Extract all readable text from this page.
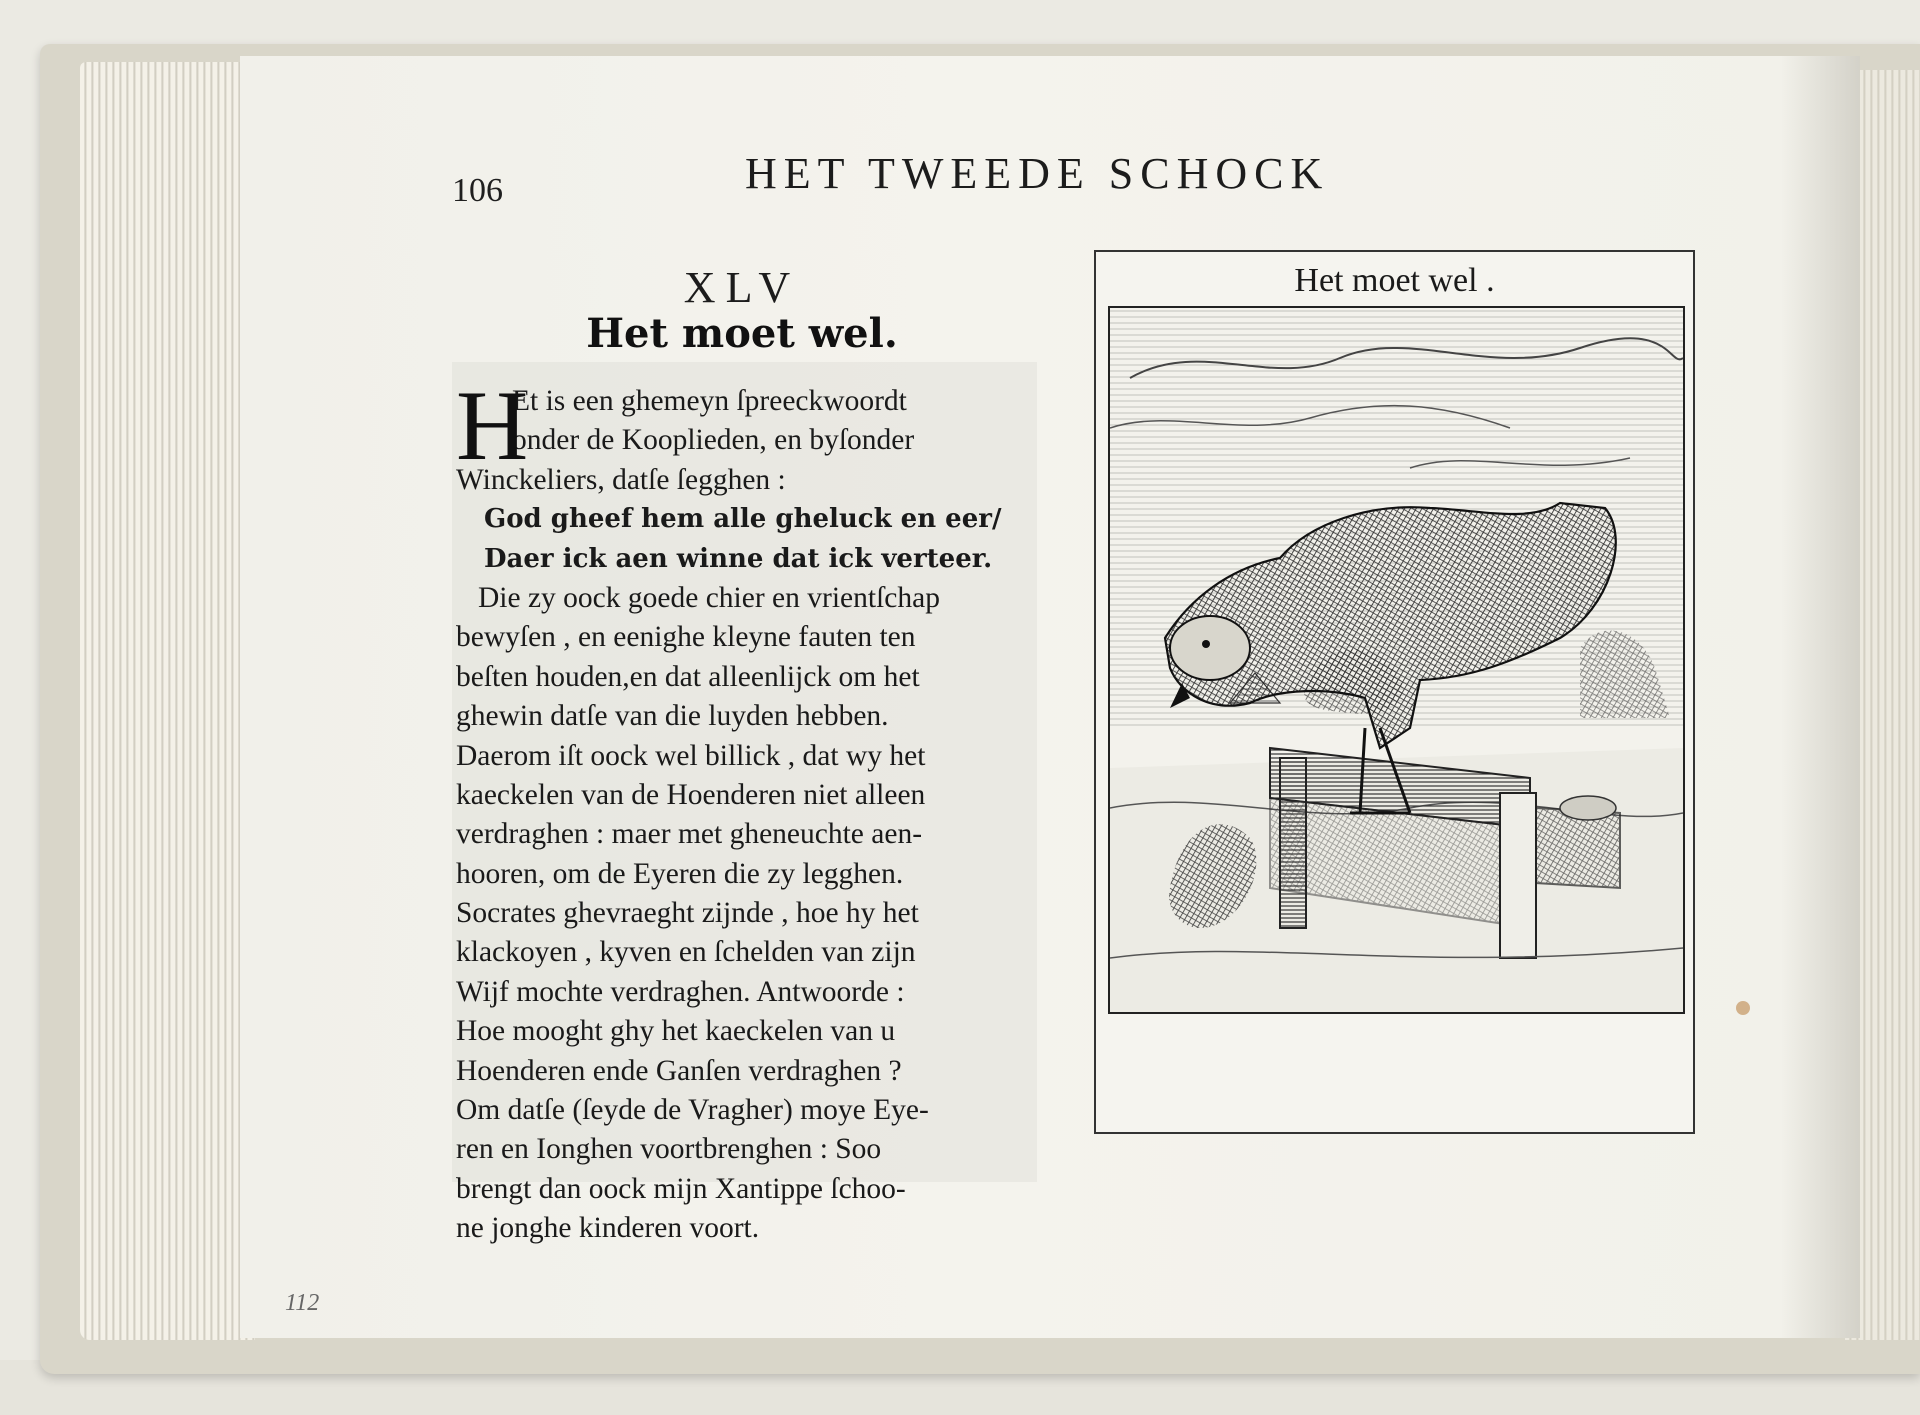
106	HET TWEEDE SCHOCK
XLV
Het moet wel.
H
Et is een ghemeyn ſpreeckwoordt
onder de Kooplieden, en byſonder
Winckeliers, datſe ſegghen :
God gheef hem alle gheluck en eer/
Daer ick aen winne dat ick verteer.
Die zy oock goede chier en vrientſchap
bewyſen , en eenighe kleyne fauten ten
beſten houden,en dat alleenlijck om het
ghewin datſe van die luyden hebben.
Daerom iſt oock wel billick , dat wy het
kaeckelen van de Hoenderen niet alleen
verdraghen : maer met gheneuchte aen-
hooren, om de Eyeren die zy legghen.
Socrates ghevraeght zijnde , hoe hy het
klackoyen , kyven en ſchelden van zijn
Wijf mochte verdraghen. Antwoorde :
Hoe mooght ghy het kaeckelen van u
Hoenderen ende Ganſen verdraghen ?
Om datſe (ſeyde de Vragher) moye Eye-
ren en Ionghen voortbrenghen : Soo
brengt dan oock mijn Xantippe ſchoo-
ne jonghe kinderen voort.
Het moet wel .
112
